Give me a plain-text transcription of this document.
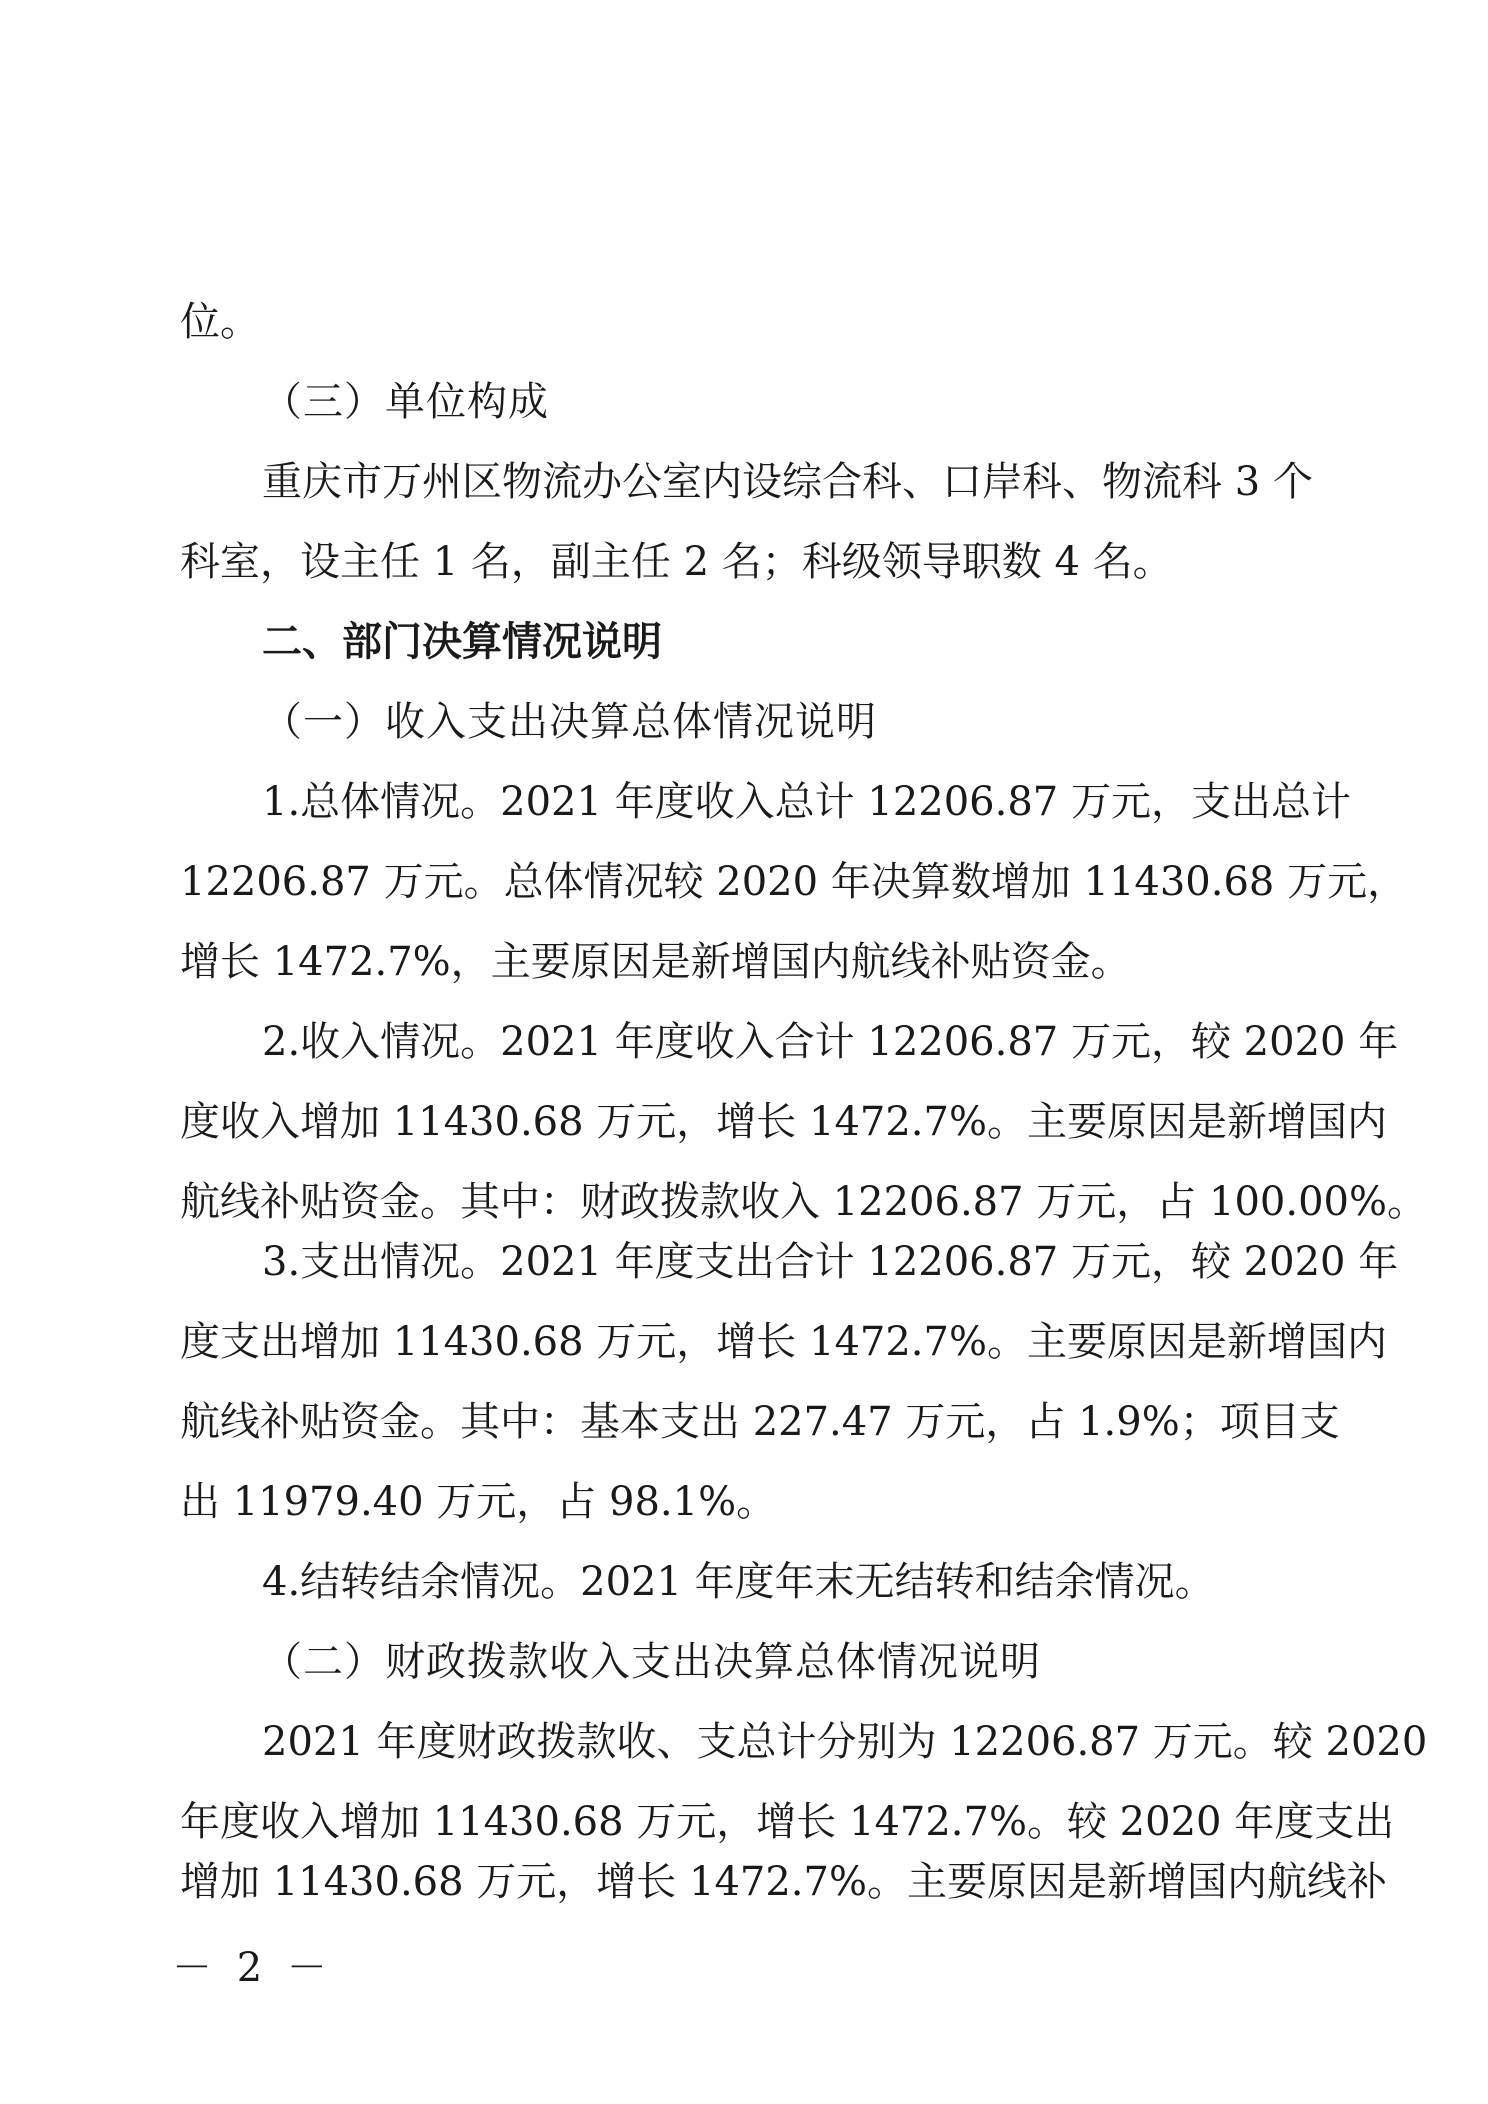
位。
（三）单位构成
重庆市万州区物流办公室内设综合科、口岸科、物流科 3 个
科室，设主任 1 名，副主任 2 名；科级领导职数 4 名。
二、部门决算情况说明
（一）收入支出决算总体情况说明
1.总体情况。2021 年度收入总计 12206.87 万元，支出总计
12206.87 万元。总体情况较 2020 年决算数增加 11430.68 万元，
增长 1472.7%，主要原因是新增国内航线补贴资金。
2.收入情况。2021 年度收入合计 12206.87 万元，较 2020 年
度收入增加 11430.68 万元，增长 1472.7%。主要原因是新增国内
航线补贴资金。其中：财政拨款收入 12206.87 万元，占 100.00%。
3.支出情况。2021 年度支出合计 12206.87 万元，较 2020 年
度支出增加 11430.68 万元，增长 1472.7%。主要原因是新增国内
航线补贴资金。其中：基本支出 227.47 万元，占 1.9%；项目支
出 11979.40 万元，占 98.1%。
4.结转结余情况。2021 年度年末无结转和结余情况。
（二）财政拨款收入支出决算总体情况说明
2021 年度财政拨款收、支总计分别为 12206.87 万元。较 2020
年度收入增加 11430.68 万元，增长 1472.7%。较 2020 年度支出
增加 11430.68 万元，增长 1472.7%。主要原因是新增国内航线补
－ 2 －
